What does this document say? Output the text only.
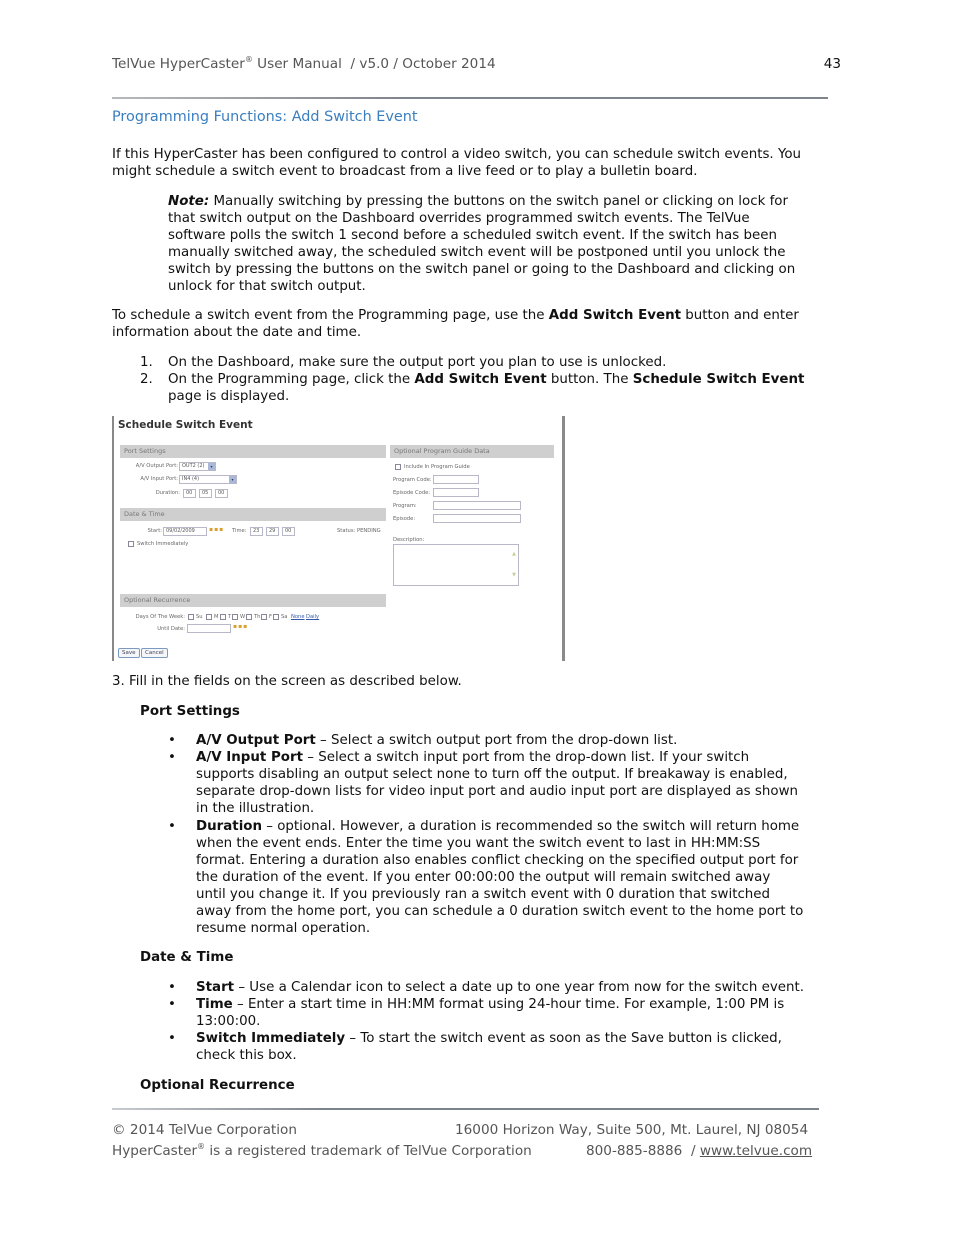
TelVue HyperCaster® User Manual  / v5.0 / October 2014	43
Programming Functions: Add Switch Event
If this HyperCaster has been configured to control a video switch, you can schedule switch events. You
might schedule a switch event to broadcast from a live feed or to play a bulletin board.
Note: Manually switching by pressing the buttons on the switch panel or clicking on lock for
that switch output on the Dashboard overrides programmed switch events. The TelVue
software polls the switch 1 second before a scheduled switch event. If the switch has been
manually switched away, the scheduled switch event will be postponed until you unlock the
switch by pressing the buttons on the switch panel or going to the Dashboard and clicking on
unlock for that switch output.
To schedule a switch event from the Programming page, use the Add Switch Event button and enter
information about the date and time.
1.	On the Dashboard, make sure the output port you plan to use is unlocked.
2.	On the Programming page, click the Add Switch Event button. The Schedule Switch Event
page is displayed.
Schedule Switch Event
Port Settings
A/V Output Port: OUT2 (2)	▾
A/V Input Port: IN4 (4)	▾
Duration:	00	05	00
Date & Time
Start: 09/02/2009	▪▪▪ Time:	23	29	00	Status: PENDING
Switch Immediately
Optional Recurrence
Days Of The Week: Su M T W Th F Sa None Daily
Until Date:	▪▪▪
Save	Cancel
Optional Program Guide Data
Include In Program Guide
Program Code:
Episode Code:
Program:
Episode:
Description:
▲
▼
3. Fill in the fields on the screen as described below.
Port Settings
• A/V Output Port – Select a switch output port from the drop-down list.
• A/V Input Port – Select a switch input port from the drop-down list. If your switch
supports disabling an output select none to turn off the output. If breakaway is enabled,
separate drop-down lists for video input port and audio input port are displayed as shown
in the illustration.
• Duration – optional. However, a duration is recommended so the switch will return home
when the event ends. Enter the time you want the switch event to last in HH:MM:SS
format. Entering a duration also enables conflict checking on the specified output port for
the duration of the event. If you enter 00:00:00 the output will remain switched away
until you change it. If you previously ran a switch event with 0 duration that switched
away from the home port, you can schedule a 0 duration switch event to the home port to
resume normal operation.
Date & Time
• Start – Use a Calendar icon to select a date up to one year from now for the switch event.
• Time – Enter a start time in HH:MM format using 24-hour time. For example, 1:00 PM is
13:00:00.
• Switch Immediately – To start the switch event as soon as the Save button is clicked,
check this box.
Optional Recurrence
© 2014 TelVue Corporation	16000 Horizon Way, Suite 500, Mt. Laurel, NJ 08054
HyperCaster® is a registered trademark of TelVue Corporation	800-885-8886  / www.telvue.com
